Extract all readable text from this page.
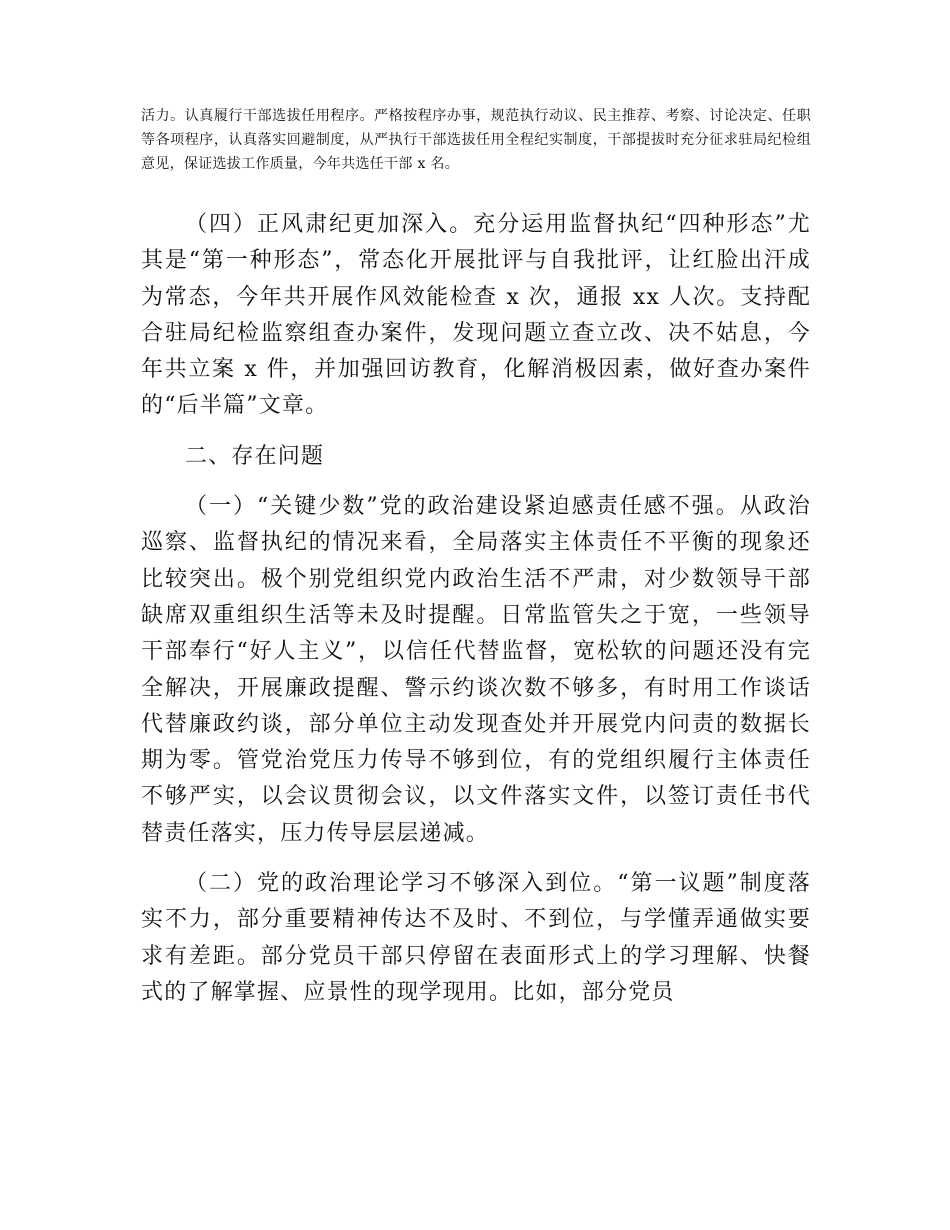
活力。认真履行干部选拔任用程序。严格按程序办事，规范执行动议、民主推荐、考察、讨论决定、任职等各项程序，认真落实回避制度，从严执行干部选拔任用全程纪实制度，干部提拔时充分征求驻局纪检组意见，保证选拔工作质量，今年共选任干部 x 名。

（四）正风肃纪更加深入。充分运用监督执纪“四种形态”尤其是“第一种形态”，常态化开展批评与自我批评，让红脸出汗成为常态，今年共开展作风效能检查 x 次，通报 xx 人次。支持配合驻局纪检监察组查办案件，发现问题立查立改、决不姑息，今年共立案 x 件，并加强回访教育，化解消极因素，做好查办案件的“后半篇”文章。

二、存在问题

（一）“关键少数”党的政治建设紧迫感责任感不强。从政治巡察、监督执纪的情况来看，全局落实主体责任不平衡的现象还比较突出。极个别党组织党内政治生活不严肃，对少数领导干部缺席双重组织生活等未及时提醒。日常监管失之于宽，一些领导干部奉行“好人主义”，以信任代替监督，宽松软的问题还没有完全解决，开展廉政提醒、警示约谈次数不够多，有时用工作谈话代替廉政约谈，部分单位主动发现查处并开展党内问责的数据长期为零。管党治党压力传导不够到位，有的党组织履行主体责任不够严实，以会议贯彻会议，以文件落实文件，以签订责任书代替责任落实，压力传导层层递减。

（二）党的政治理论学习不够深入到位。“第一议题”制度落实不力，部分重要精神传达不及时、不到位，与学懂弄通做实要求有差距。部分党员干部只停留在表面形式上的学习理解、快餐式的了解掌握、应景性的现学现用。比如，部分党员
